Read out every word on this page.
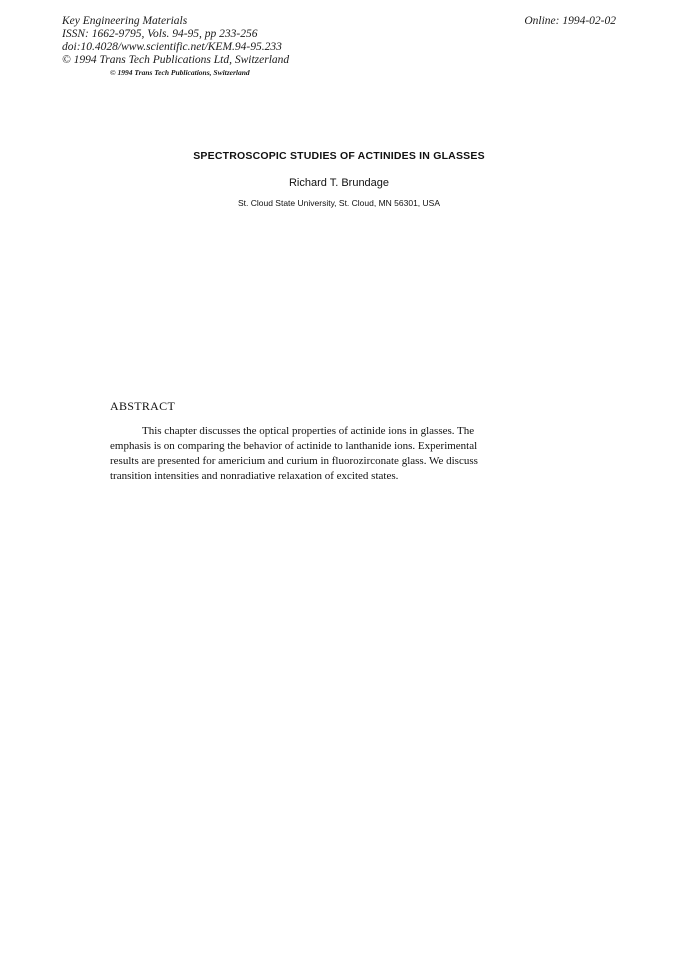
Key Engineering Materials
ISSN: 1662-9795, Vols. 94-95, pp 233-256
doi:10.4028/www.scientific.net/KEM.94-95.233
© 1994 Trans Tech Publications Ltd, Switzerland
© 1994 Trans Tech Publications, Switzerland
Online: 1994-02-02
SPECTROSCOPIC STUDIES OF ACTINIDES IN GLASSES
Richard T. Brundage
St. Cloud State University, St. Cloud, MN 56301, USA
ABSTRACT
This chapter discusses the optical properties of actinide ions in glasses. The
emphasis is on comparing the behavior of actinide to lanthanide ions. Experimental
results are presented for americium and curium in fluorozirconate glass. We discuss
transition intensities and nonradiative relaxation of excited states.
